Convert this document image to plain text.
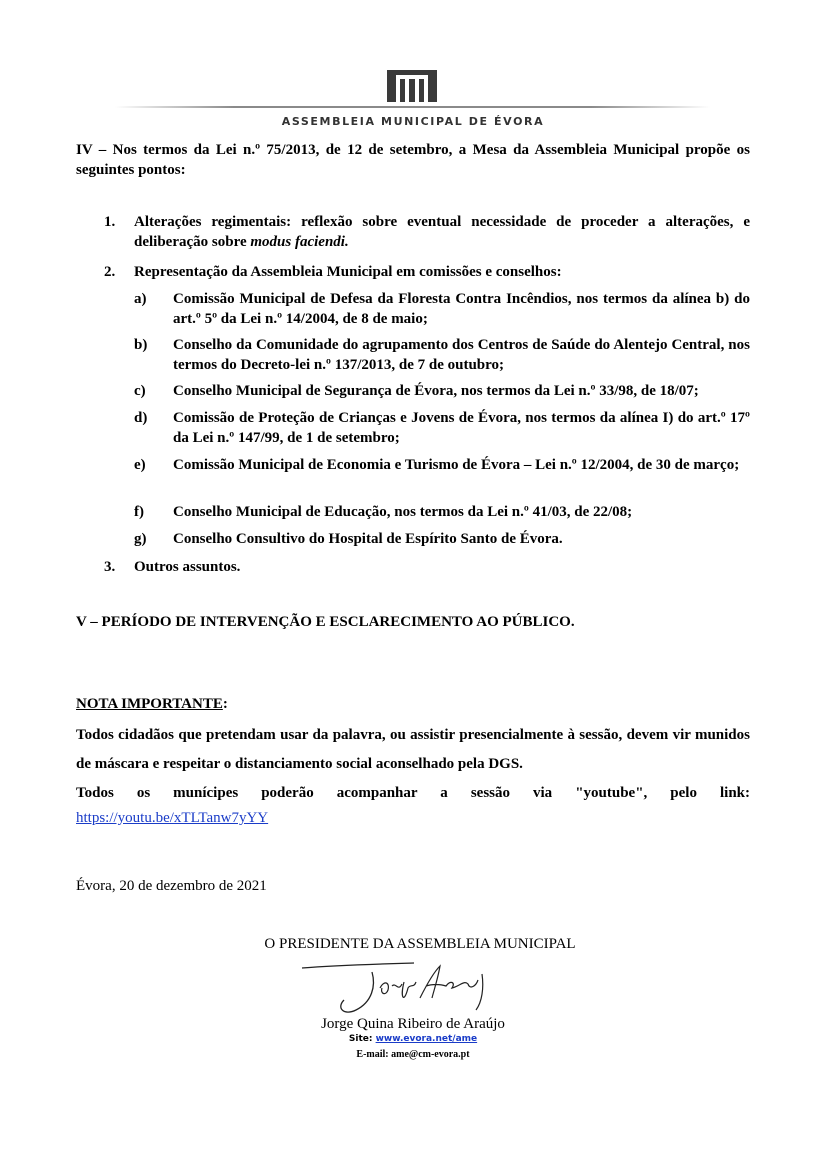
ASSEMBLEIA MUNICIPAL DE ÉVORA
IV – Nos termos da Lei n.º 75/2013, de 12 de setembro, a Mesa da Assembleia Municipal propõe os seguintes pontos:
1. Alterações regimentais: reflexão sobre eventual necessidade de proceder a alterações, e deliberação sobre modus faciendi.
2. Representação da Assembleia Municipal em comissões e conselhos:
a) Comissão Municipal de Defesa da Floresta Contra Incêndios, nos termos da alínea b) do art.º 5º da Lei n.º 14/2004, de 8 de maio;
b) Conselho da Comunidade do agrupamento dos Centros de Saúde do Alentejo Central, nos termos do Decreto-lei n.º 137/2013, de 7 de outubro;
c) Conselho Municipal de Segurança de Évora, nos termos da Lei n.º 33/98, de 18/07;
d) Comissão de Proteção de Crianças e Jovens de Évora, nos termos da alínea I) do art.º 17º da Lei n.º 147/99, de 1 de setembro;
e) Comissão Municipal de Economia e Turismo de Évora – Lei n.º 12/2004, de 30 de março;
f) Conselho Municipal de Educação, nos termos da Lei n.º 41/03, de 22/08;
g) Conselho Consultivo do Hospital de Espírito Santo de Évora.
3. Outros assuntos.
V – PERÍODO DE INTERVENÇÃO E ESCLARECIMENTO AO PÚBLICO.
NOTA IMPORTANTE:
Todos cidadãos que pretendam usar da palavra, ou assistir presencialmente à sessão, devem vir munidos de máscara e respeitar o distanciamento social aconselhado pela DGS.
Todos os munícipes poderão acompanhar a sessão via "youtube", pelo link:
https://youtu.be/xTLTanw7yYY
Évora, 20 de dezembro de 2021
O PRESIDENTE DA ASSEMBLEIA MUNICIPAL
Jorge Quina Ribeiro de Araújo
Site: www.evora.net/ame
E-mail: ame@cm-evora.pt
